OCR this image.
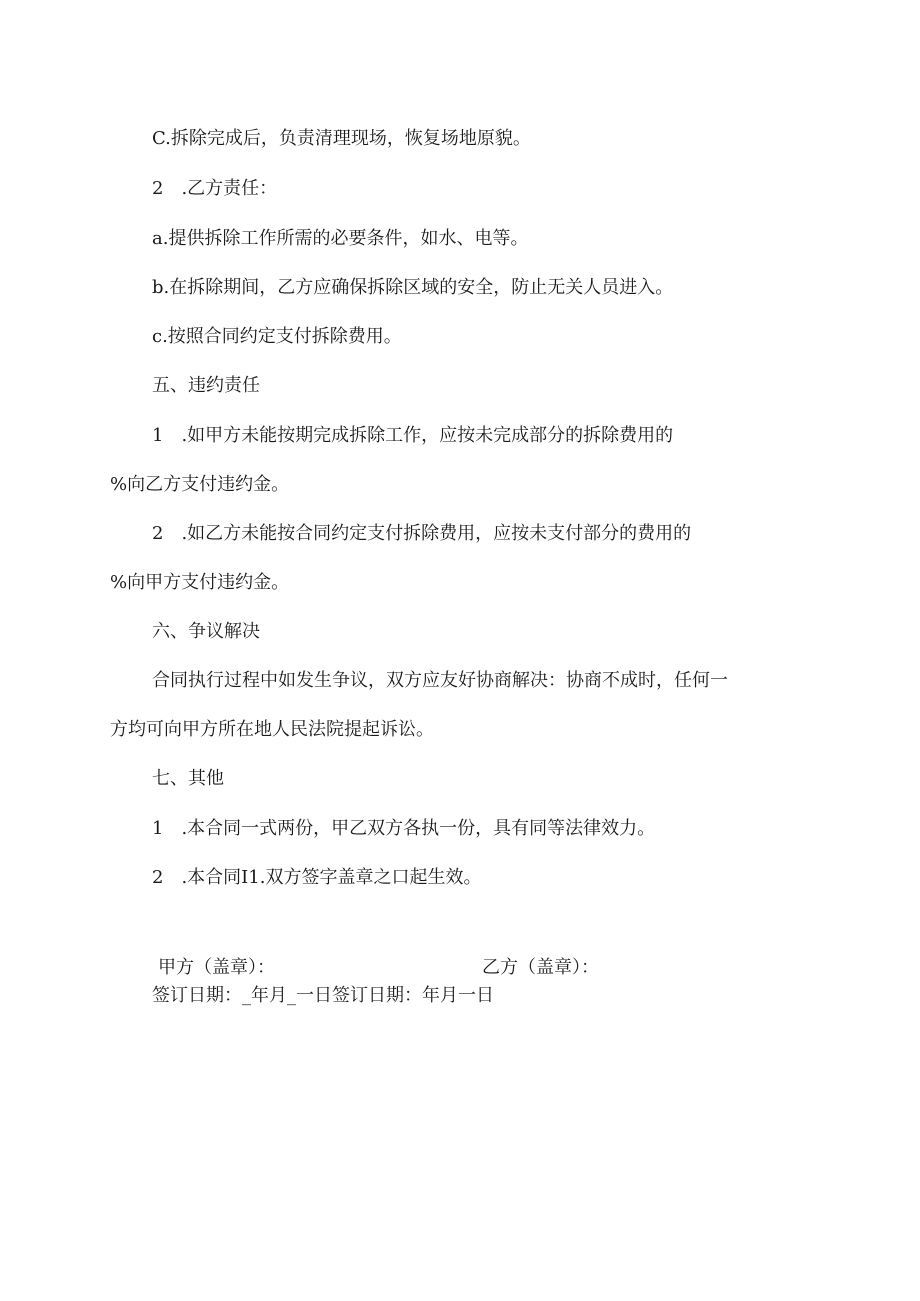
C.拆除完成后，负责清理现场，恢复场地原貌。
2　.乙方责任：
a.提供拆除工作所需的必要条件，如水、电等。
b.在拆除期间，乙方应确保拆除区域的安全，防止无关人员进入。
c.按照合同约定支付拆除费用。
五、违约责任
1　.如甲方未能按期完成拆除工作，应按未完成部分的拆除费用的
%向乙方支付违约金。
2　.如乙方未能按合同约定支付拆除费用，应按未支付部分的费用的
%向甲方支付违约金。
六、争议解决
合同执行过程中如发生争议，双方应友好协商解决：协商不成时，任何一
方均可向甲方所在地人民法院提起诉讼。
七、其他
1　.本合同一式两份，甲乙双方各执一份，具有同等法律效力。
2　.本合同Ⅰ1.双方签字盖章之口起生效。
甲方（盖章）：	乙方（盖章）：
签订日期：_年月_一日签订日期：年月一日
